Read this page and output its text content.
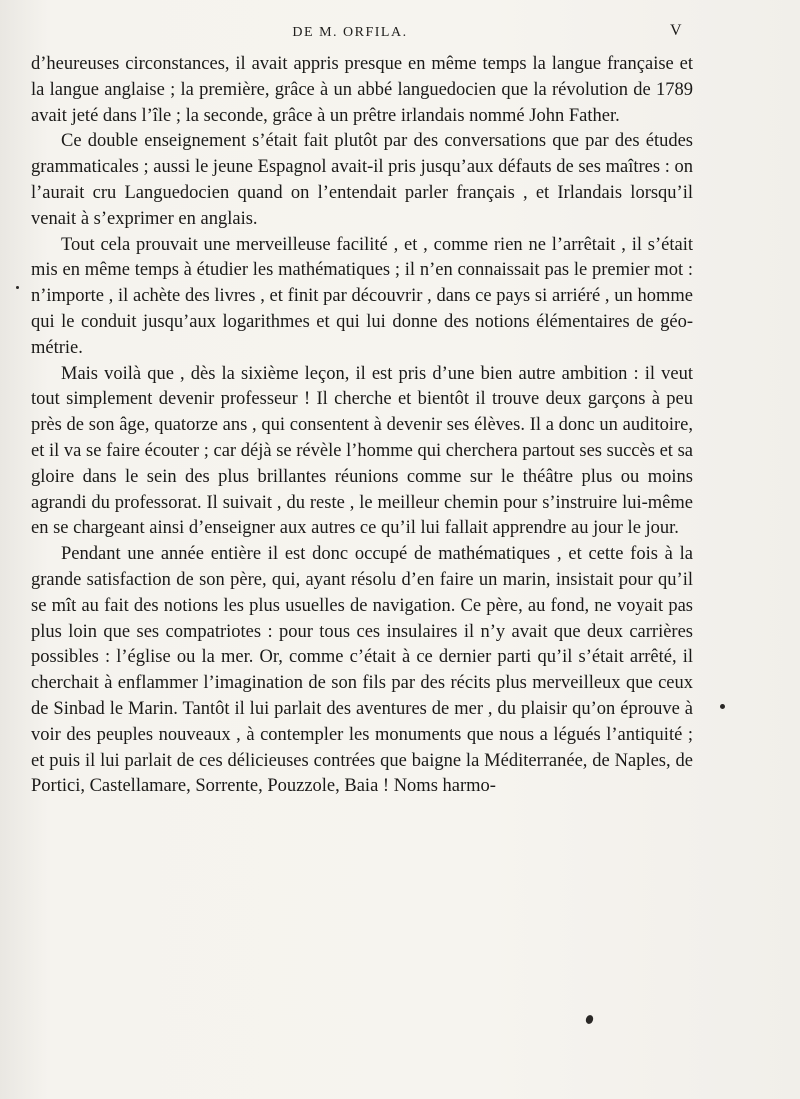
DE M. ORFILA.	V

d’heureuses circonstances, il avait appris presque en même temps la langue française et la langue anglaise ; la première, grâce à un abbé languedocien que la révolution de 1789 avait jeté dans l’île ; la seconde, grâce à un prêtre irlandais nommé John Father.

Ce double enseignement s’était fait plutôt par des conversations que par des études grammaticales ; aussi le jeune Espagnol avait-il pris jusqu’aux défauts de ses maîtres : on l’aurait cru Languedocien quand on l’entendait parler français , et Irlandais lorsqu’il venait à s’exprimer en anglais.

Tout cela prouvait une merveilleuse facilité , et , comme rien ne l’arrêtait , il s’était mis en même temps à étudier les mathématiques ; il n’en connaissait pas le premier mot : n’importe , il achète des livres , et finit par découvrir , dans ce pays si arriéré , un homme qui le conduit jusqu’aux logarithmes et qui lui donne des notions élémentaires de géométrie.

Mais voilà que , dès la sixième leçon, il est pris d’une bien autre ambition : il veut tout simplement devenir professeur ! Il cherche et bientôt il trouve deux garçons à peu près de son âge, quatorze ans , qui consentent à devenir ses élèves. Il a donc un auditoire, et il va se faire écouter ; car déjà se révèle l’homme qui cherchera partout ses succès et sa gloire dans le sein des plus brillantes réunions comme sur le théâtre plus ou moins agrandi du professorat. Il suivait , du reste , le meilleur chemin pour s’instruire lui-même en se chargeant ainsi d’enseigner aux autres ce qu’il lui fallait apprendre au jour le jour.

Pendant une année entière il est donc occupé de mathématiques , et cette fois à la grande satisfaction de son père, qui, ayant résolu d’en faire un marin, insistait pour qu’il se mît au fait des notions les plus usuelles de navigation. Ce père, au fond, ne voyait pas plus loin que ses compatriotes : pour tous ces insulaires il n’y avait que deux carrières possibles : l’église ou la mer. Or, comme c’était à ce dernier parti qu’il s’était arrêté, il cherchait à enflammer l’imagination de son fils par des récits plus merveilleux que ceux de Sinbad le Marin. Tantôt il lui parlait des aventures de mer , du plaisir qu’on éprouve à voir des peuples nouveaux , à contempler les monuments que nous a légués l’antiquité ; et puis il lui parlait de ces délicieuses contrées que baigne la Méditerranée, de Naples, de Portici, Castellamare, Sorrente, Pouzzole, Baia ! Noms harmo-
